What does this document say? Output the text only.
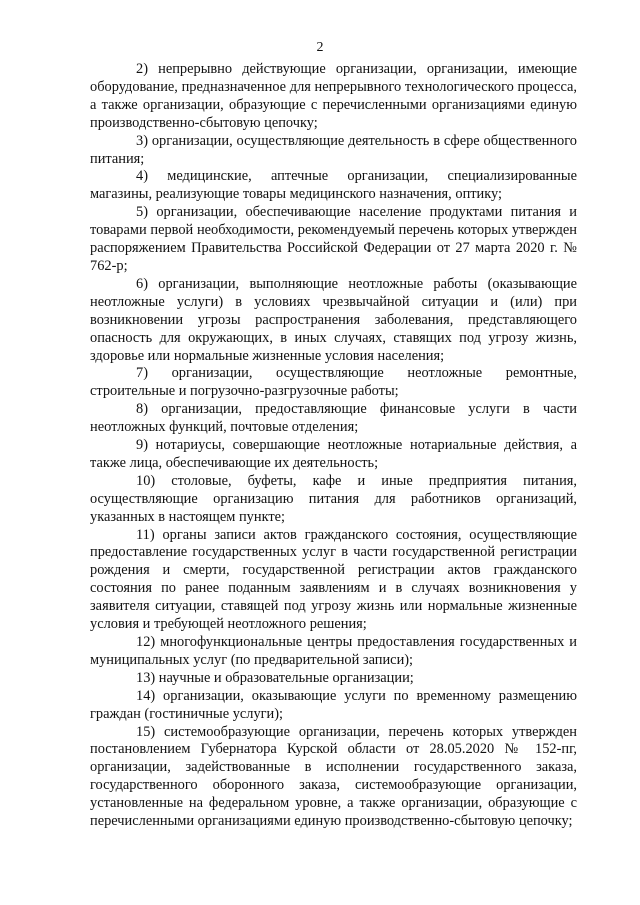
2

2) непрерывно действующие организации, организации, имеющие оборудование, предназначенное для непрерывного технологического процесса, а также организации, образующие с перечисленными организациями единую производственно-сбытовую цепочку;

3) организации, осуществляющие деятельность в сфере общественного питания;

4) медицинские, аптечные организации, специализированные магазины, реализующие товары медицинского назначения, оптику;

5) организации, обеспечивающие население продуктами питания и товарами первой необходимости, рекомендуемый перечень которых утвержден распоряжением Правительства Российской Федерации от 27 марта 2020 г. № 762-р;

6) организации, выполняющие неотложные работы (оказывающие неотложные услуги) в условиях чрезвычайной ситуации и (или) при возникновении угрозы распространения заболевания, представляющего опасность для окружающих, в иных случаях, ставящих под угрозу жизнь, здоровье или нормальные жизненные условия населения;

7) организации, осуществляющие неотложные ремонтные, строительные и погрузочно-разгрузочные работы;

8) организации, предоставляющие финансовые услуги в части неотложных функций, почтовые отделения;

9) нотариусы, совершающие неотложные нотариальные действия, а также лица, обеспечивающие их деятельность;

10) столовые, буфеты, кафе и иные предприятия питания, осуществляющие организацию питания для работников организаций, указанных в настоящем пункте;

11) органы записи актов гражданского состояния, осуществляющие предоставление государственных услуг в части государственной регистрации рождения и смерти, государственной регистрации актов гражданского состояния по ранее поданным заявлениям и в случаях возникновения у заявителя ситуации, ставящей под угрозу жизнь или нормальные жизненные условия и требующей неотложного решения;

12) многофункциональные центры предоставления государственных и муниципальных услуг (по предварительной записи);

13) научные и образовательные организации;

14) организации, оказывающие услуги по временному размещению граждан (гостиничные услуги);

15) системообразующие организации, перечень которых утвержден постановлением Губернатора Курской области от 28.05.2020 № 152-пг, организации, задействованные в исполнении государственного заказа, государственного оборонного заказа, системообразующие организации, установленные на федеральном уровне, а также организации, образующие с перечисленными организациями единую производственно-сбытовую цепочку;
